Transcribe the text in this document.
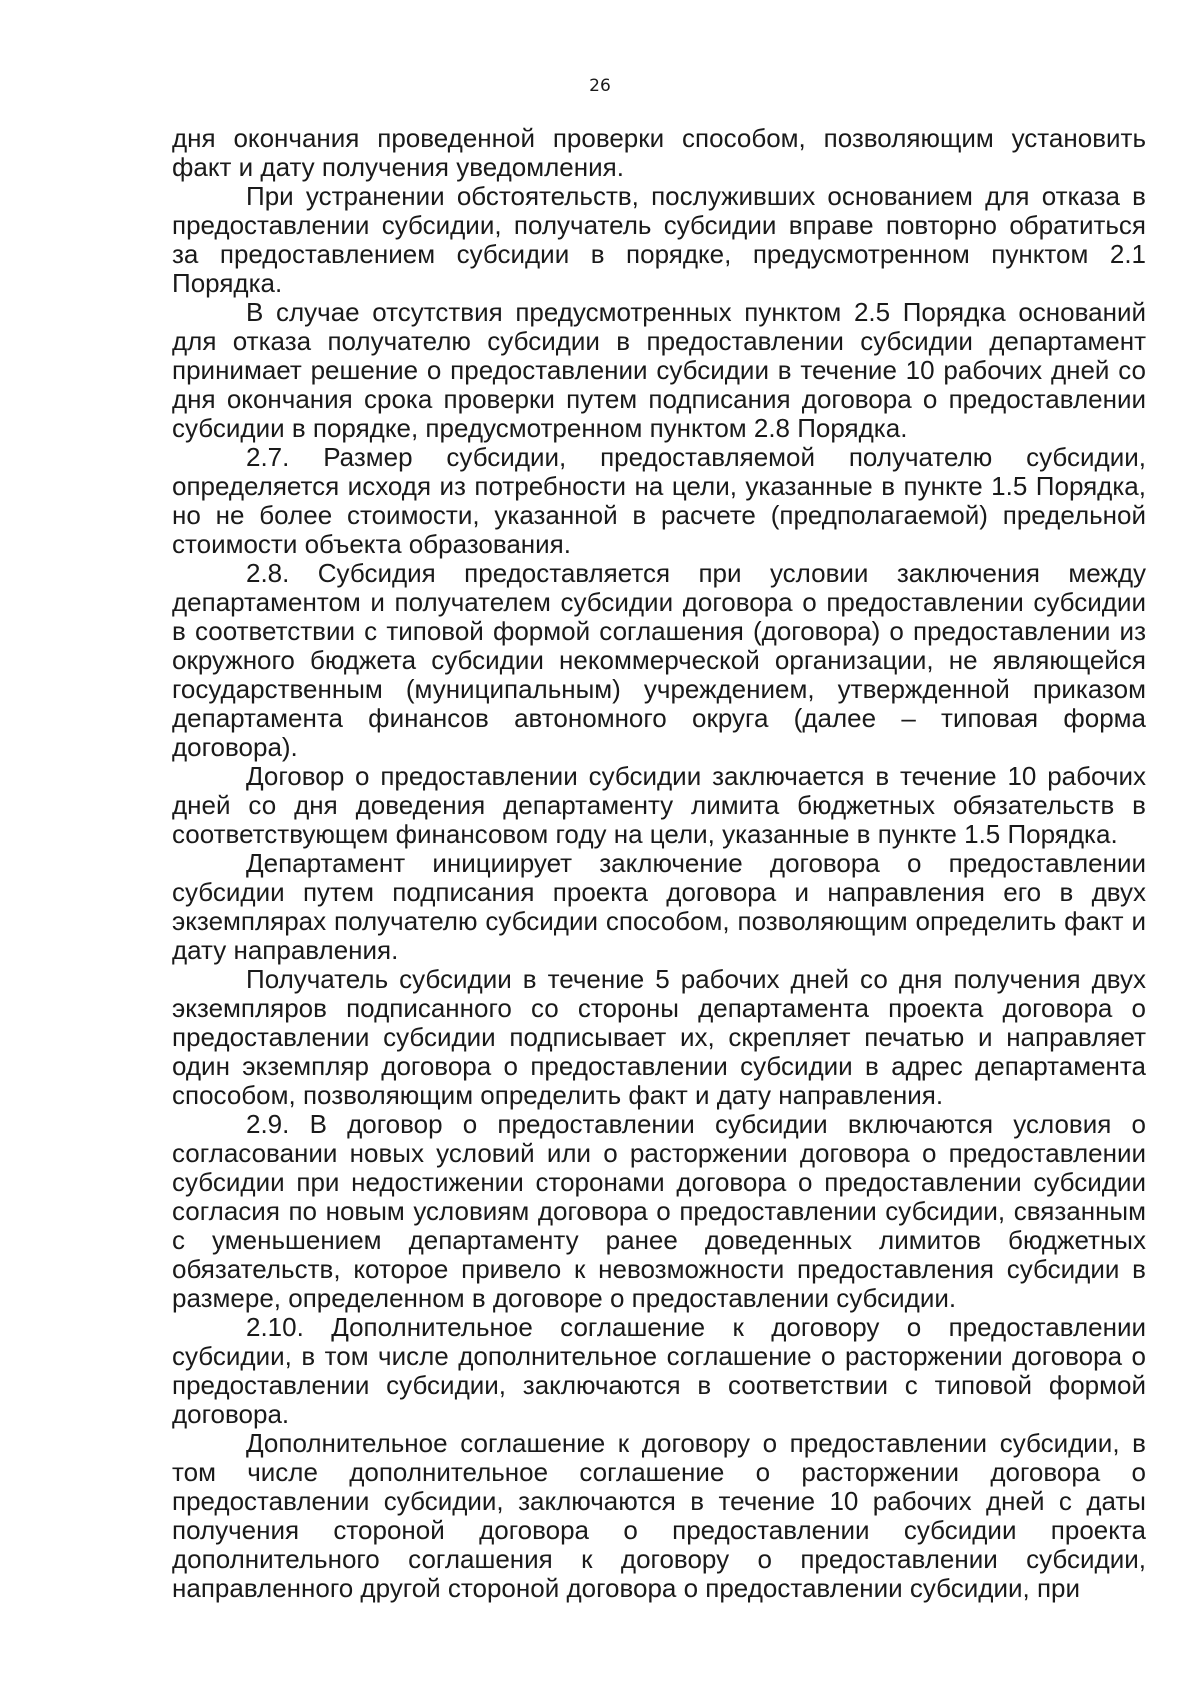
26

дня окончания проведенной проверки способом, позволяющим установить факт и дату получения уведомления.

При устранении обстоятельств, послуживших основанием для отказа в предоставлении субсидии, получатель субсидии вправе повторно обратиться за предоставлением субсидии в порядке, предусмотренном пунктом 2.1 Порядка.

В случае отсутствия предусмотренных пунктом 2.5 Порядка оснований для отказа получателю субсидии в предоставлении субсидии департамент принимает решение о предоставлении субсидии в течение 10 рабочих дней со дня окончания срока проверки путем подписания договора о предоставлении субсидии в порядке, предусмотренном пунктом 2.8 Порядка.

2.7. Размер субсидии, предоставляемой получателю субсидии, определяется исходя из потребности на цели, указанные в пункте 1.5 Порядка, но не более стоимости, указанной в расчете (предполагаемой) предельной стоимости объекта образования.

2.8. Субсидия предоставляется при условии заключения между департаментом и получателем субсидии договора о предоставлении субсидии в соответствии с типовой формой соглашения (договора) о предоставлении из окружного бюджета субсидии некоммерческой организации, не являющейся государственным (муниципальным) учреждением, утвержденной приказом департамента финансов автономного округа (далее – типовая форма договора).

Договор о предоставлении субсидии заключается в течение 10 рабочих дней со дня доведения департаменту лимита бюджетных обязательств в соответствующем финансовом году на цели, указанные в пункте 1.5 Порядка.

Департамент инициирует заключение договора о предоставлении субсидии путем подписания проекта договора и направления его в двух экземплярах получателю субсидии способом, позволяющим определить факт и дату направления.

Получатель субсидии в течение 5 рабочих дней со дня получения двух экземпляров подписанного со стороны департамента проекта договора о предоставлении субсидии подписывает их, скрепляет печатью и направляет один экземпляр договора о предоставлении субсидии в адрес департамента способом, позволяющим определить факт и дату направления.

2.9. В договор о предоставлении субсидии включаются условия о согласовании новых условий или о расторжении договора о предоставлении субсидии при недостижении сторонами договора о предоставлении субсидии согласия по новым условиям договора о предоставлении субсидии, связанным с уменьшением департаменту ранее доведенных лимитов бюджетных обязательств, которое привело к невозможности предоставления субсидии в размере, определенном в договоре о предоставлении субсидии.

2.10. Дополнительное соглашение к договору о предоставлении субсидии, в том числе дополнительное соглашение о расторжении договора о предоставлении субсидии, заключаются в соответствии с типовой формой договора.

Дополнительное соглашение к договору о предоставлении субсидии, в том числе дополнительное соглашение о расторжении договора о предоставлении субсидии, заключаются в течение 10 рабочих дней с даты получения стороной договора о предоставлении субсидии проекта дополнительного соглашения к договору о предоставлении субсидии, направленного другой стороной договора о предоставлении субсидии, при
